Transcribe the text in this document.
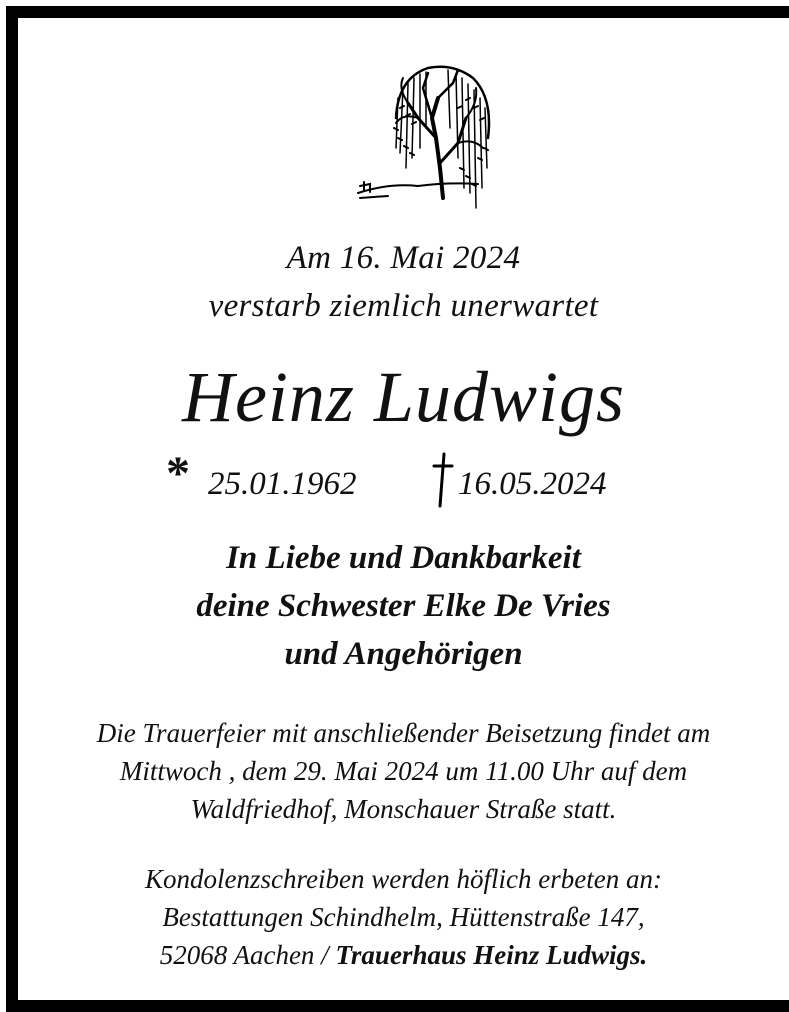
Am 16. Mai 2024
verstarb ziemlich unerwartet
Heinz Ludwigs
* 25.01.1962	16.05.2024
In Liebe und Dankbarkeit
deine Schwester Elke De Vries
und Angehörigen
Die Trauerfeier mit anschließender Beisetzung findet am
Mittwoch , dem 29. Mai 2024 um 11.00 Uhr auf dem
Waldfriedhof, Monschauer Straße statt.
Kondolenzschreiben werden höflich erbeten an:
Bestattungen Schindhelm, Hüttenstraße 147,
52068 Aachen / Trauerhaus Heinz Ludwigs.
